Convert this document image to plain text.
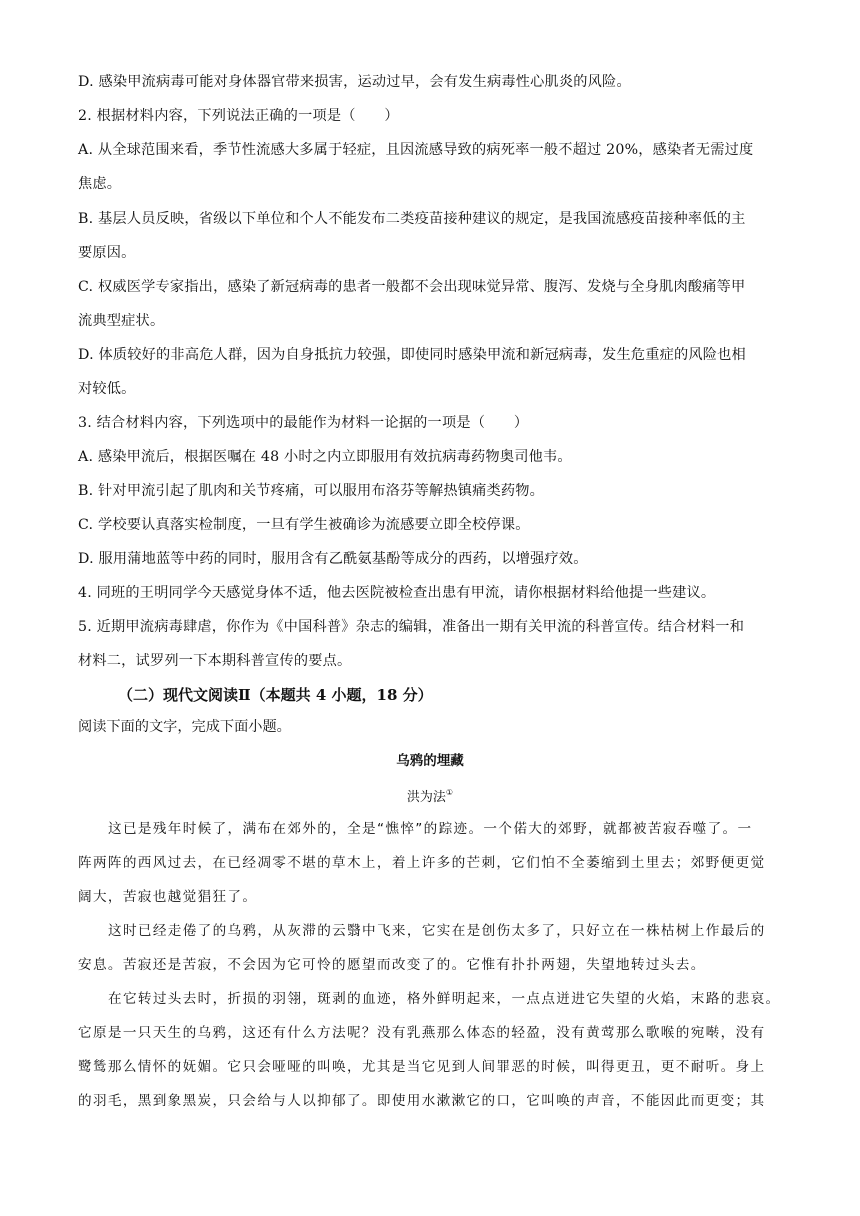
D. 感染甲流病毒可能对身体器官带来损害，运动过早，会有发生病毒性心肌炎的风险。
2. 根据材料内容，下列说法正确的一项是（　　）
A. 从全球范围来看，季节性流感大多属于轻症，且因流感导致的病死率一般不超过 20%，感染者无需过度
焦虑。
B. 基层人员反映，省级以下单位和个人不能发布二类疫苗接种建议的规定，是我国流感疫苗接种率低的主
要原因。
C. 权威医学专家指出，感染了新冠病毒的患者一般都不会出现味觉异常、腹泻、发烧与全身肌肉酸痛等甲
流典型症状。
D. 体质较好的非高危人群，因为自身抵抗力较强，即使同时感染甲流和新冠病毒，发生危重症的风险也相
对较低。
3. 结合材料内容，下列选项中的最能作为材料一论据的一项是（　　）
A. 感染甲流后，根据医嘱在 48 小时之内立即服用有效抗病毒药物奥司他韦。
B. 针对甲流引起了肌肉和关节疼痛，可以服用布洛芬等解热镇痛类药物。
C. 学校要认真落实检制度，一旦有学生被确诊为流感要立即全校停课。
D. 服用蒲地蓝等中药的同时，服用含有乙酰氨基酚等成分的西药，以增强疗效。
4. 同班的王明同学今天感觉身体不适，他去医院被检查出患有甲流，请你根据材料给他提一些建议。
5. 近期甲流病毒肆虐，你作为《中国科普》杂志的编辑，准备出一期有关甲流的科普宣传。结合材料一和
材料二，试罗列一下本期科普宣传的要点。
（二）现代文阅读Ⅱ（本题共 4 小题，18 分）
阅读下面的文字，完成下面小题。
乌鸦的埋藏
洪为法①
这已是残年时候了，满布在郊外的，全是“憔悴”的踪迹。一个偌大的郊野，就都被苦寂吞噬了。一
阵两阵的西风过去，在已经凋零不堪的草木上，着上许多的芒刺，它们怕不全萎缩到土里去；郊野便更觉
阔大，苦寂也越觉猖狂了。
这时已经走倦了的乌鸦，从灰滞的云翳中飞来，它实在是创伤太多了，只好立在一株枯树上作最后的
安息。苦寂还是苦寂，不会因为它可怜的愿望而改变了的。它惟有扑扑两翅，失望地转过头去。
在它转过头去时，折损的羽翎，斑剥的血迹，格外鲜明起来，一点点迸进它失望的火焰，末路的悲哀。
它原是一只天生的乌鸦，这还有什么方法呢？没有乳燕那么体态的轻盈，没有黄莺那么歌喉的宛啭，没有
鹭鸶那么情怀的妩媚。它只会哑哑的叫唤，尤其是当它见到人间罪恶的时候，叫得更丑，更不耐听。身上
的羽毛，黑到象黑炭，只会给与人以抑郁了。即使用水漱漱它的口，它叫唤的声音，不能因此而更变；其
